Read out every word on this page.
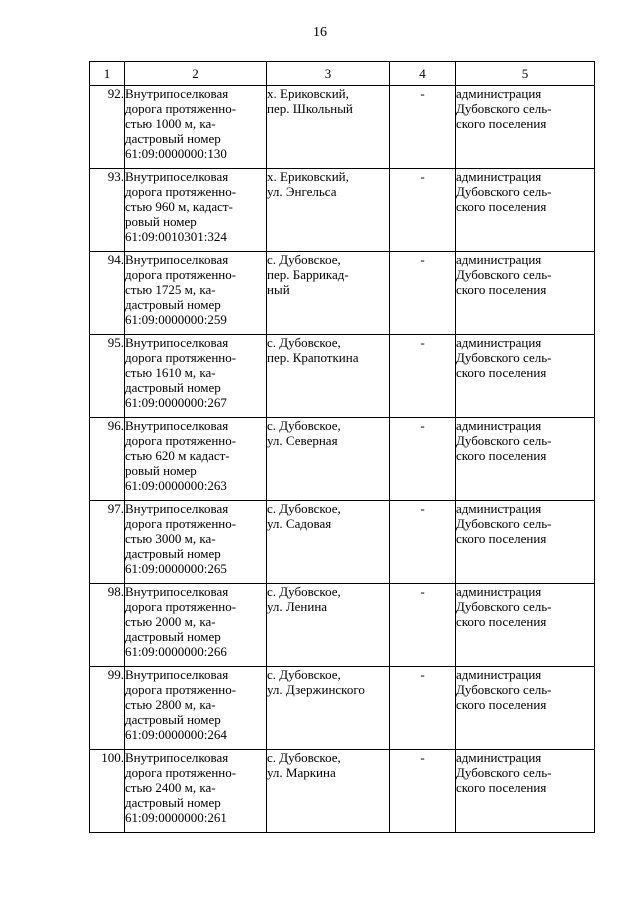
16
1	2	3	4	5
92.	Внутрипоселковая
дорога протяженно-
стью 1000 м, ка-
дастровый номер
61:09:0000000:130	х. Ериковский,
пер. Школьный	-	администрация
Дубовского сель-
ского поселения

93.	Внутрипоселковая
дорога протяженно-
стью 960 м, кадаст-
ровый номер
61:09:0010301:324	х. Ериковский,
ул. Энгельса	-	администрация
Дубовского сель-
ского поселения

94.	Внутрипоселковая
дорога протяженно-
стью 1725 м, ка-
дастровый номер
61:09:0000000:259	с. Дубовское,
пер. Баррикад-
ный	-	администрация
Дубовского сель-
ского поселения

95.	Внутрипоселковая
дорога протяженно-
стью 1610 м, ка-
дастровый номер
61:09:0000000:267	с. Дубовское,
пер. Крапоткина	-	администрация
Дубовского сель-
ского поселения

96.	Внутрипоселковая
дорога протяженно-
стью 620 м кадаст-
ровый номер
61:09:0000000:263	с. Дубовское,
ул. Северная	-	администрация
Дубовского сель-
ского поселения

97.	Внутрипоселковая
дорога протяженно-
стью 3000 м, ка-
дастровый номер
61:09:0000000:265	с. Дубовское,
ул. Садовая	-	администрация
Дубовского сель-
ского поселения

98.	Внутрипоселковая
дорога протяженно-
стью 2000 м, ка-
дастровый номер
61:09:0000000:266	с. Дубовское,
ул. Ленина	-	администрация
Дубовского сель-
ского поселения

99.	Внутрипоселковая
дорога протяженно-
стью 2800 м, ка-
дастровый номер
61:09:0000000:264	с. Дубовское,
ул. Дзержинского	-	администрация
Дубовского сель-
ского поселения

100.	Внутрипоселковая
дорога протяженно-
стью 2400 м, ка-
дастровый номер
61:09:0000000:261	с. Дубовское,
ул. Маркина	-	администрация
Дубовского сель-
ского поселения
